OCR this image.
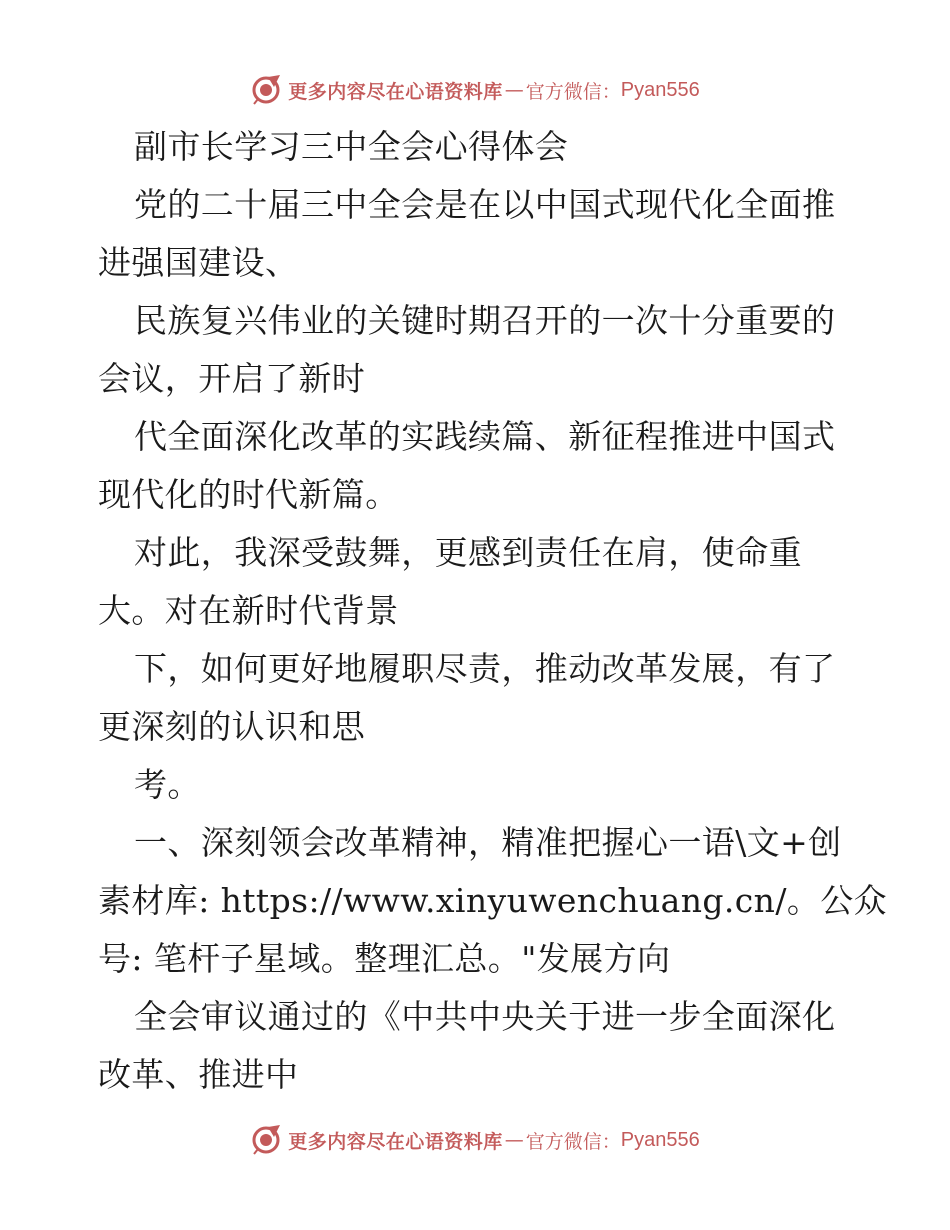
更多内容尽在心语资料库 — 官方微信： Pyan556
副市长学习三中全会心得体会
党的二十届三中全会是在以中国式现代化全面推
进强国建设、
民族复兴伟业的关键时期召开的一次十分重要的
会议，开启了新时
代全面深化改革的实践续篇、新征程推进中国式
现代化的时代新篇。
对此，我深受鼓舞，更感到责任在肩，使命重
大。对在新时代背景
下，如何更好地履职尽责，推动改革发展，有了
更深刻的认识和思
考。
一、深刻领会改革精神，精准把握心一语\文+创
素材库: https://www.xinyuwenchuang.cn/。公众
号: 笔杆子星域。整理汇总。"发展方向
全会审议通过的《中共中央关于进一步全面深化
改革、推进中
更多内容尽在心语资料库 — 官方微信： Pyan556
